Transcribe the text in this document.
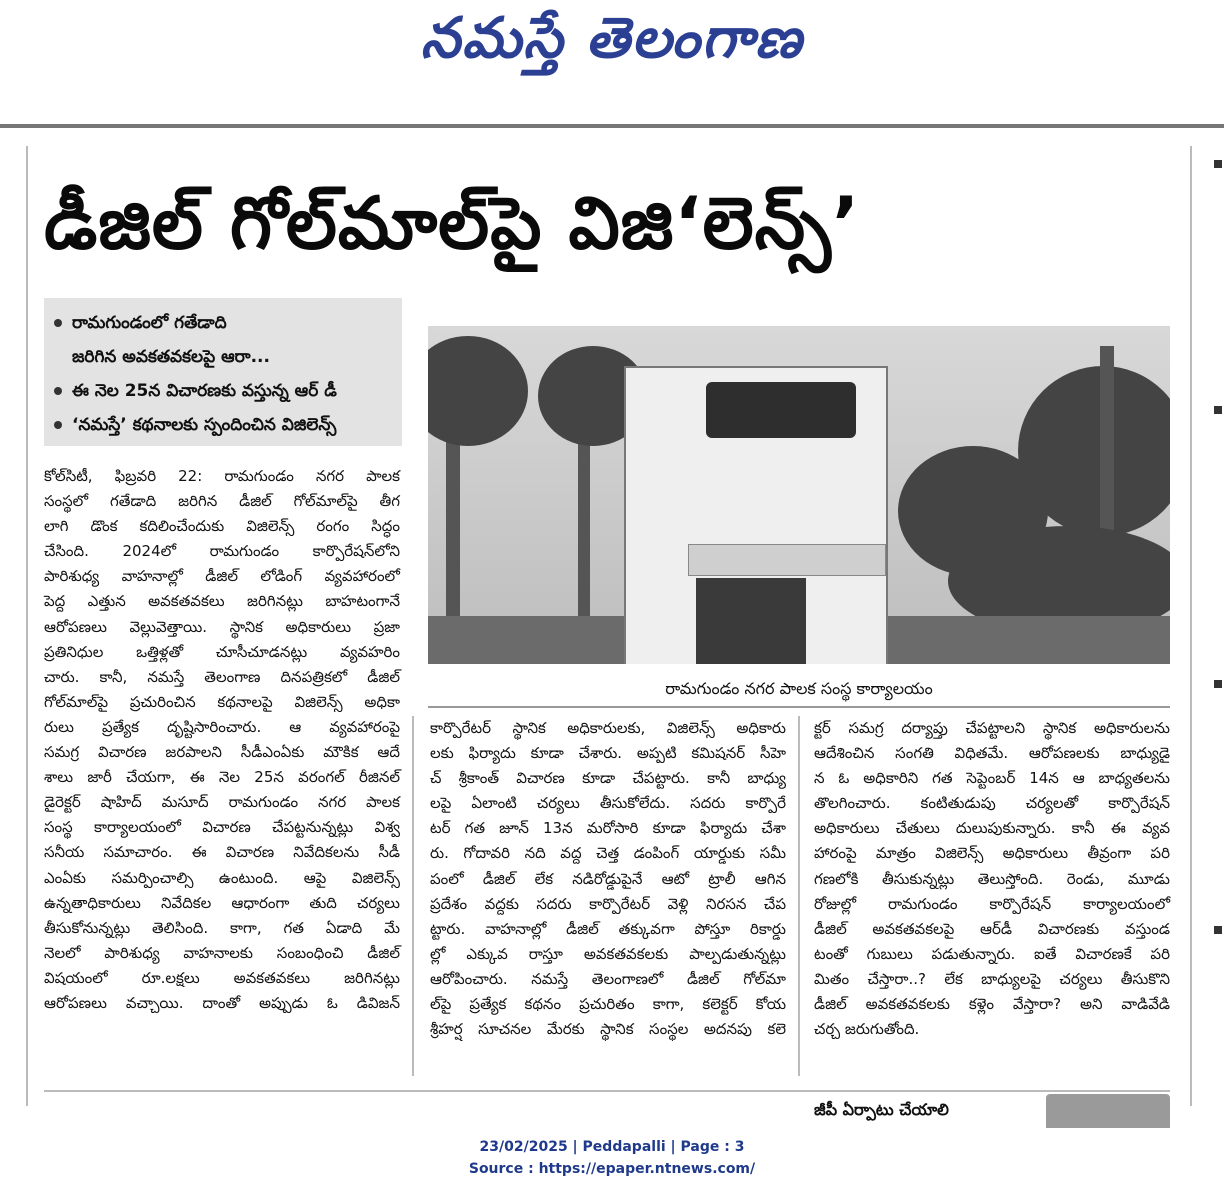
నమస్తే తెలంగాణ
డీజిల్ గోల్‌మాల్‌పై విజి‘లెన్స్’
రామగుండంలో గతేడాది
జరిగిన అవకతవకలపై ఆరా...
ఈ నెల 25న విచారణకు వస్తున్న ఆర్ డీ
‘నమస్తే’ కథనాలకు స్పందించిన విజిలెన్స్
రామగుండం నగర పాలక సంస్థ కార్యాలయం

కోల్‌సిటీ, ఫిబ్రవరి 22: రామగుండం నగర పాలక

సంస్థలో గతేడాది జరిగిన డీజిల్ గోల్‌మాల్‌పై తీగ

లాగి డొంక కదిలించేందుకు విజిలెన్స్ రంగం సిద్ధం

చేసింది. 2024లో రామగుండం కార్పొరేషన్‌లోని

పారిశుధ్య వాహనాల్లో డీజిల్ లోడింగ్ వ్యవహారంలో

పెద్ద ఎత్తున అవకతవకలు జరిగినట్లు బాహటంగానే

ఆరోపణలు వెల్లువెత్తాయి. స్థానిక అధికారులు ప్రజా

ప్రతినిధుల ఒత్తిళ్లతో చూసీచూడనట్లు వ్యవహరిం

చారు. కానీ, నమస్తే తెలంగాణ దినపత్రికలో డీజిల్

గోల్‌మాల్‌పై ప్రచురించిన కథనాలపై విజిలెన్స్ అధికా

రులు ప్రత్యేక దృష్టిసారించారు. ఆ వ్యవహారంపై

సమగ్ర విచారణ జరపాలని సీడీఎంఏకు మౌకిక ఆదే

శాలు జారీ చేయగా, ఈ నెల 25న వరంగల్ రీజినల్

డైరెక్టర్ షాహిద్ మసూద్ రామగుండం నగర పాలక

సంస్థ కార్యాలయంలో విచారణ చేపట్టనున్నట్లు విశ్వ

సనీయ సమాచారం. ఈ విచారణ నివేదికలను సీడీ

ఎంఏకు సమర్పించాల్సి ఉంటుంది. ఆపై విజిలెన్స్

ఉన్నతాధికారులు నివేదికల ఆధారంగా తుది చర్యలు

తీసుకోనున్నట్లు తెలిసింది. కాగా, గత ఏడాది మే

నెలలో పారిశుధ్య వాహనాలకు సంబంధించి డీజిల్

విషయంలో రూ.లక్షలు అవకతవకలు జరిగినట్లు

ఆరోపణలు వచ్చాయి. దాంతో అప్పుడు ఓ డివిజన్

కార్పొరేటర్ స్థానిక అధికారులకు, విజిలెన్స్ అధికారు

లకు ఫిర్యాదు కూడా చేశారు. అప్పటి కమిషనర్ సీహె

చ్ శ్రీకాంత్ విచారణ కూడా చేపట్టారు. కానీ బాధ్యు

లపై ఏలాంటి చర్యలు తీసుకోలేదు. సదరు కార్పొరే

టర్ గత జూన్ 13న మరోసారి కూడా ఫిర్యాదు చేశా

రు. గోదావరి నది వద్ద చెత్త డంపింగ్ యార్డుకు సమీ

పంలో డీజిల్ లేక నడిరోడ్డుపైనే ఆటో ట్రాలీ ఆగిన

ప్రదేశం వద్దకు సదరు కార్పొరేటర్ వెళ్లి నిరసన చేప

ట్టారు. వాహనాల్లో డీజిల్ తక్కువగా పోస్తూ రికార్డు

ల్లో ఎక్కువ రాస్తూ అవకతవకలకు పాల్పడుతున్నట్లు

ఆరోపించారు. నమస్తే తెలంగాణలో డీజిల్ గోల్‌మా

ల్‌పై ప్రత్యేక కథనం ప్రచురితం కాగా, కలెక్టర్ కోయ

శ్రీహర్ష సూచనల మేరకు స్థానిక సంస్థల అదనపు కలె

క్టర్ సమగ్ర దర్యాప్తు చేపట్టాలని స్థానిక అధికారులను

ఆదేశించిన సంగతి విధితమే. ఆరోపణలకు బాధ్యుడై

న ఓ అధికారిని గత సెప్టెంబర్ 14న ఆ బాధ్యతలను

తొలగించారు. కంటితుడుపు చర్యలతో కార్పొరేషన్

అధికారులు చేతులు దులుపుకున్నారు. కానీ ఈ వ్యవ

హారంపై మాత్రం విజిలెన్స్ అధికారులు తీవ్రంగా పరి

గణలోకి తీసుకున్నట్లు తెలుస్తోంది. రెండు, మూడు

రోజుల్లో రామగుండం కార్పొరేషన్ కార్యాలయంలో

డీజిల్ అవకతవకలపై ఆర్‌డీ విచారణకు వస్తుండ

టంతో గుబులు పడుతున్నారు. ఐతే విచారణకే పరి

మితం చేస్తారా..? లేక బాధ్యులపై చర్యలు తీసుకొని

డీజిల్ అవకతవకలకు కళ్లెం వేస్తారా? అని వాడివేడి

చర్చ జరుగుతోంది.

జీపీ ఏర్పాటు చేయాలి
23/02/2025 | Peddapalli | Page : 3
Source : https://epaper.ntnews.com/
